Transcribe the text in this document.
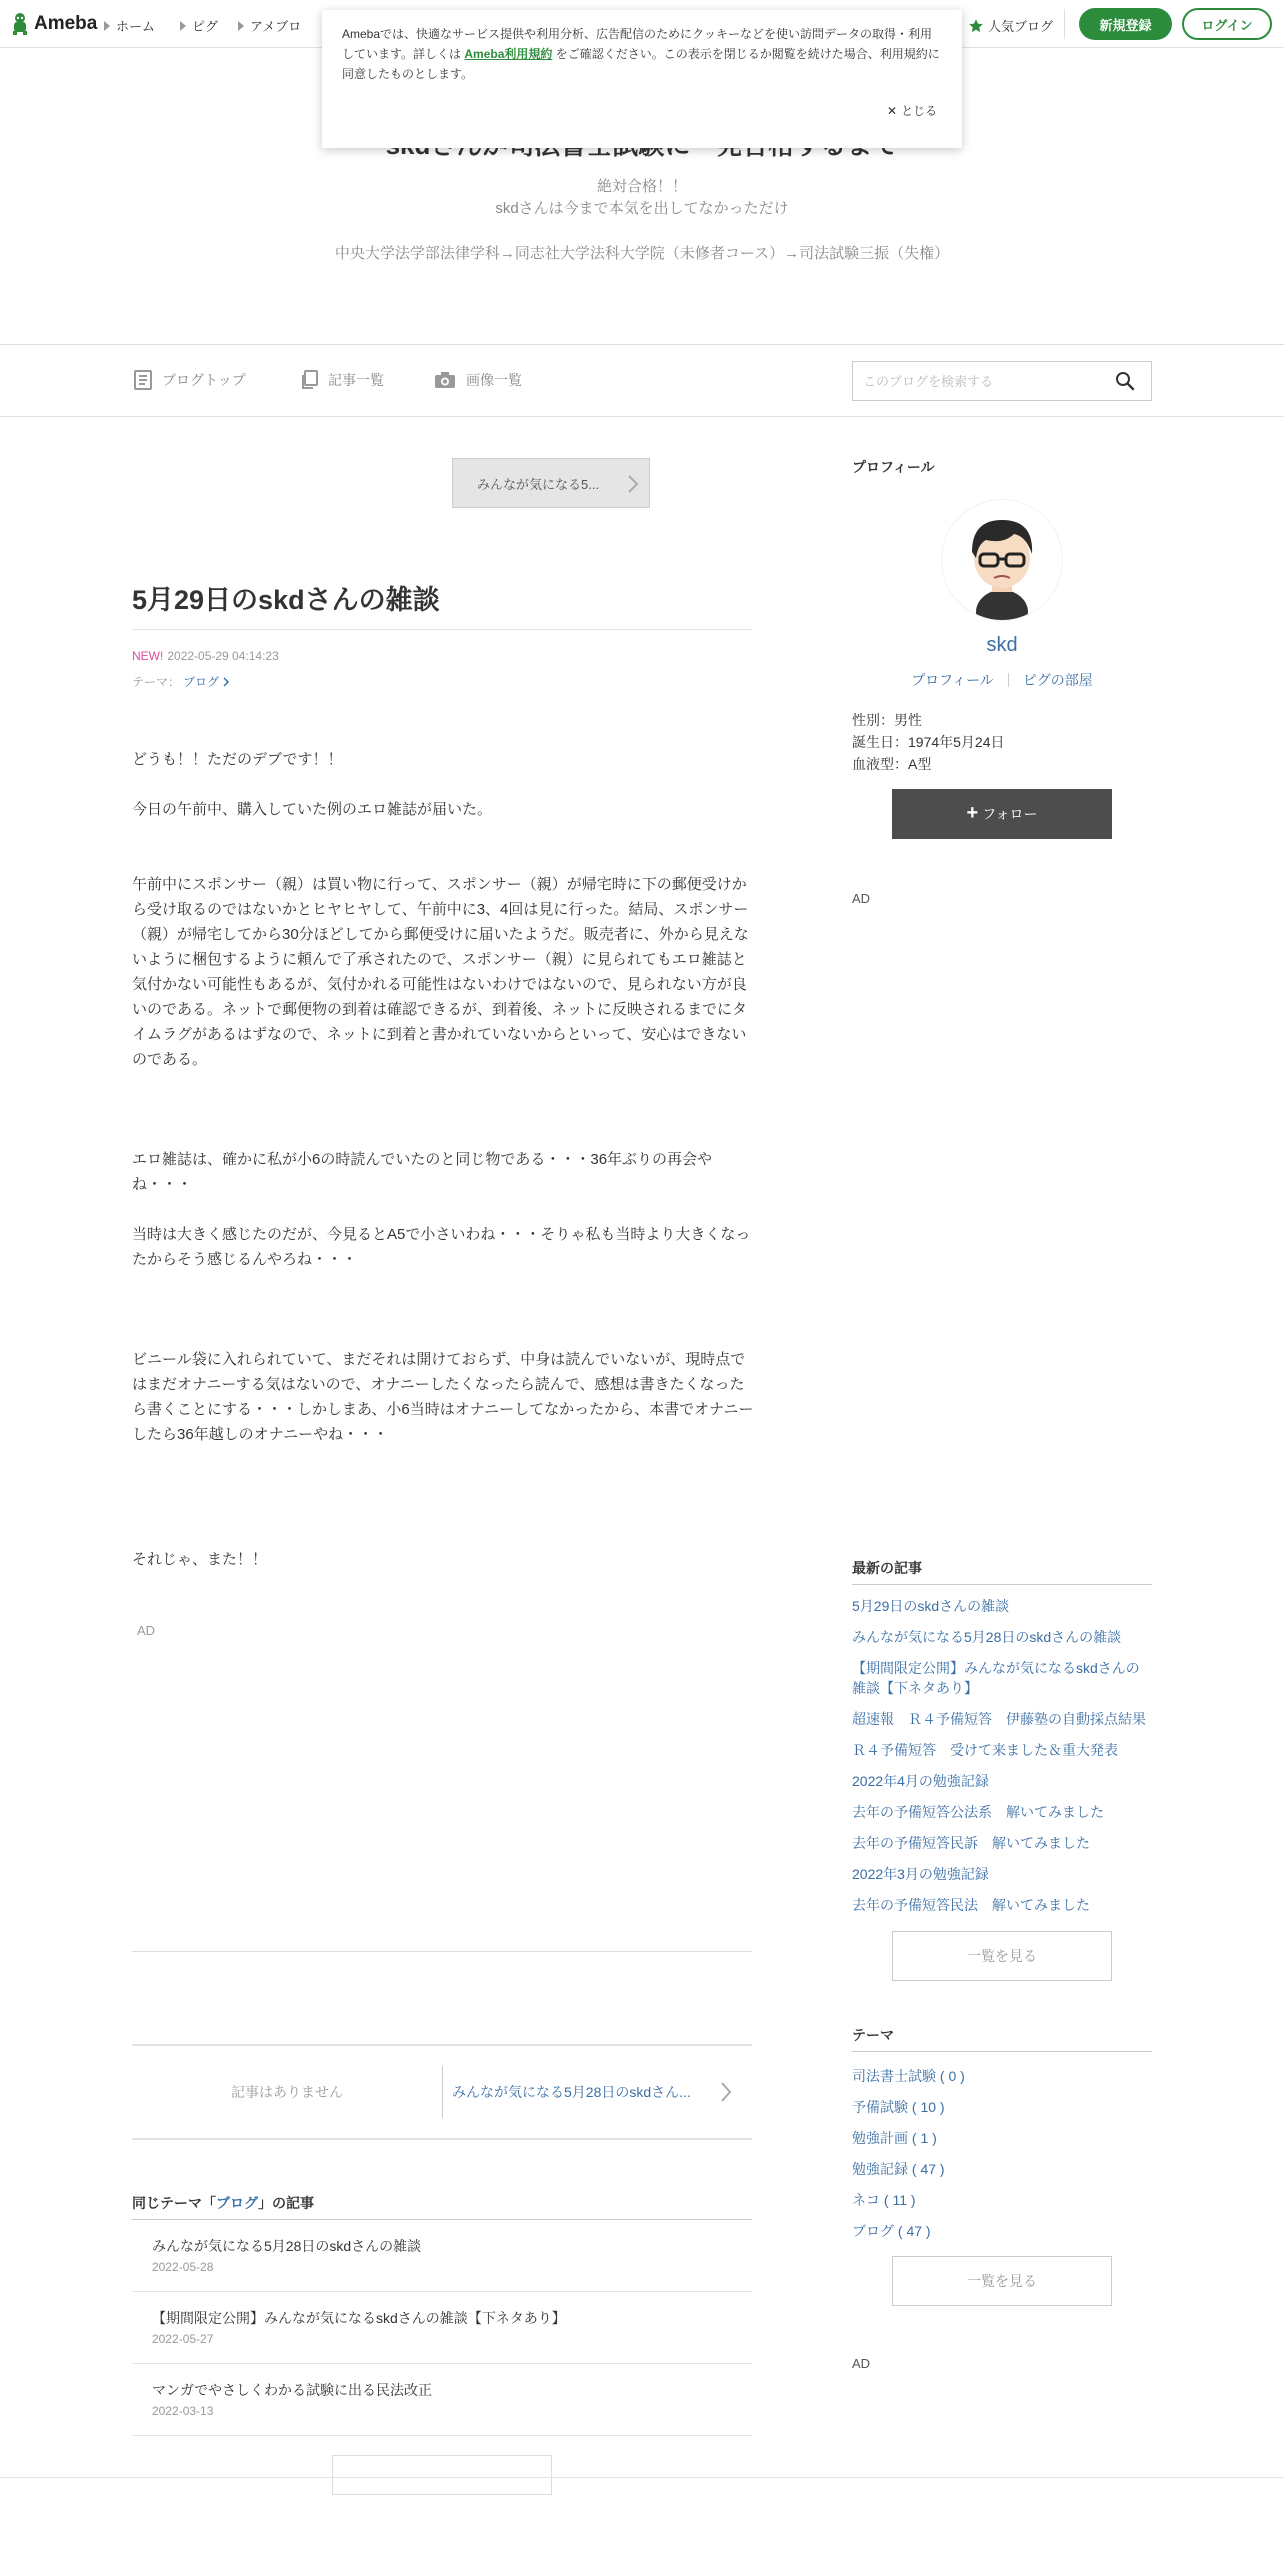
Ameba ホーム	ピグ アメブロ	人気ブログ	新規登録	ログイン
絶対合格！！
skdさんは今まで本気を出してなかっただけ
中央大学法学部法律学科→同志社大学法科大学院（未修者コース）→司法試験三振（失権）
ブログトップ	記事一覧	画像一覧
このブログを検索する
みんなが気になる5...
5月29日のskdさんの雑談
NEW! 2022-05-29 04:14:23
テーマ： ブログ

どうも！！ただのデブです！！

今日の午前中、購入していた例のエロ雑誌が届いた。

午前中にスポンサー（親）は買い物に行って、スポンサー（親）が帰宅時に下の郵便受けから受け取るのではないかとヒヤヒヤして、午前中に3、4回は見に行った。結局、スポンサー（親）が帰宅してから30分ほどしてから郵便受けに届いたようだ。販売者に、外から見えないように梱包するように頼んで了承されたので、スポンサー（親）に見られてもエロ雑誌と気付かない可能性もあるが、気付かれる可能性はないわけではないので、見られない方が良いのである。ネットで郵便物の到着は確認できるが、到着後、ネットに反映されるまでにタイムラグがあるはずなので、ネットに到着と書かれていないからといって、安心はできないのである。

エロ雑誌は、確かに私が小6の時読んでいたのと同じ物である・・・36年ぶりの再会やね・・・

当時は大きく感じたのだが、今見るとA5で小さいわね・・・そりゃ私も当時より大きくなったからそう感じるんやろね・・・

ビニール袋に入れられていて、まだそれは開けておらず、中身は読んでいないが、現時点ではまだオナニーする気はないので、オナニーしたくなったら読んで、感想は書きたくなったら書くことにする・・・しかしまあ、小6当時はオナニーしてなかったから、本書でオナニーしたら36年越しのオナニーやね・・・

それじゃ、また！！

AD
記事はありません	みんなが気になる5月28日のskdさん...
同じテーマ「ブログ」の記事
みんなが気になる5月28日のskdさんの雑談
2022-05-28
【期間限定公開】みんなが気になるskdさんの雑談【下ネタあり】
2022-05-27
マンガでやさしくわかる試験に出る民法改正
2022-03-13
プロフィール
skd
プロフィール ピグの部屋
性別：男性
誕生日：1974年5月24日
血液型：A型
+ フォロー
AD
最新の記事
5月29日のskdさんの雑談
みんなが気になる5月28日のskdさんの雑談
【期間限定公開】みんなが気になるskdさんの雑談【下ネタあり】
超速報　Ｒ４予備短答　伊藤塾の自動採点結果
Ｒ４予備短答　受けて来ました＆重大発表
2022年4月の勉強記録
去年の予備短答公法系　解いてみました
去年の予備短答民訴　解いてみました
2022年3月の勉強記録
去年の予備短答民法　解いてみました
一覧を見る
テーマ
司法書士試験 ( 0 )
予備試験 ( 10 )
勉強計画 ( 1 )
勉強記録 ( 47 )
ネコ ( 11 )
ブログ ( 47 )
一覧を見る
AD
Amebaでは、快適なサービス提供や利用分析、広告配信のためにクッキーなどを使い訪問データの取得・利用しています。詳しくは Ameba利用規約 をご確認ください。この表示を閉じるか閲覧を続けた場合、利用規約に同意したものとします。
✕ とじる
